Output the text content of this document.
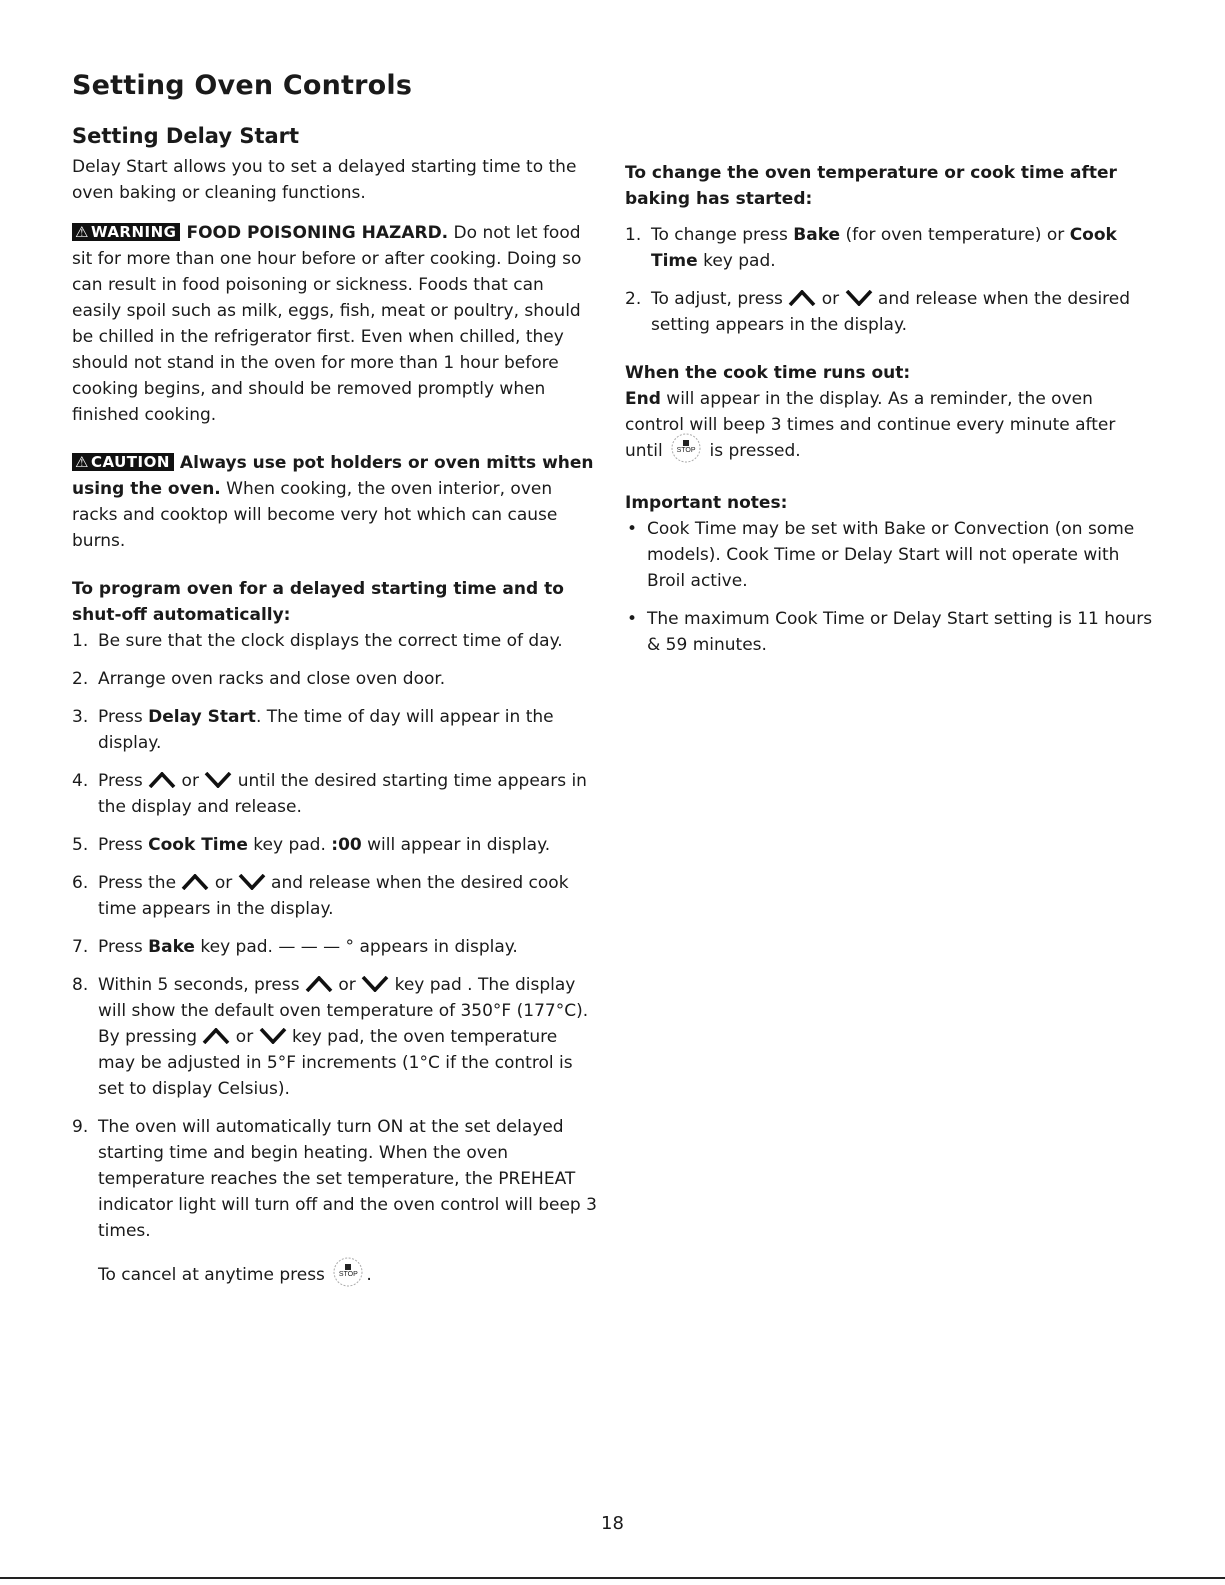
Setting Oven Controls
Setting Delay Start

Delay Start allows you to set a delayed starting time to the oven baking or cleaning functions.

⚠ WARNING FOOD POISONING HAZARD. Do not let food sit for more than one hour before or after cooking. Doing so can result in food poisoning or sickness. Foods that can easily spoil such as milk, eggs, fish, meat or poultry, should be chilled in the refrigerator first. Even when chilled, they should not stand in the oven for more than 1 hour before cooking begins, and should be removed promptly when finished cooking.

⚠ CAUTION Always use pot holders or oven mitts when using the oven. When cooking, the oven interior, oven racks and cooktop will become very hot which can cause burns.

To program oven for a delayed starting time and to shut-off automatically:

1. Be sure that the clock displays the correct time of day.
2. Arrange oven racks and close oven door.
3. Press Delay Start. The time of day will appear in the display.
4. Press
or
until the desired starting time appears in the display and release.
5. Press Cook Time key pad. :00 will appear in display.
6. Press the
or
and release when the desired cook time appears in the display.
7. Press Bake key pad. — — — ° appears in display.
8. Within 5 seconds, press
or
key pad . The display will show the default oven temperature of 350°F (177°C). By pressing
or
key pad, the oven temperature may be adjusted in 5°F increments (1°C if the control is set to display Celsius).
9. The oven will automatically turn ON at the set delayed starting time and begin heating. When the oven temperature reaches the set temperature, the PREHEAT indicator light will turn off and the oven control will beep 3 times.

To cancel at anytime press	STOP .

To change the oven temperature or cook time after baking has started:

1. To change press Bake (for oven temperature) or Cook Time key pad.
2. To adjust, press
or
and release when the desired setting appears in the display.

When the cook time runs out:

End will appear in the display. As a reminder, the oven control will beep 3 times and continue every minute after until	STOP is pressed.

Important notes:

• Cook Time may be set with Bake or Convection (on some models). Cook Time or Delay Start will not operate with Broil active.
• The maximum Cook Time or Delay Start setting is 11 hours & 59 minutes.
18
